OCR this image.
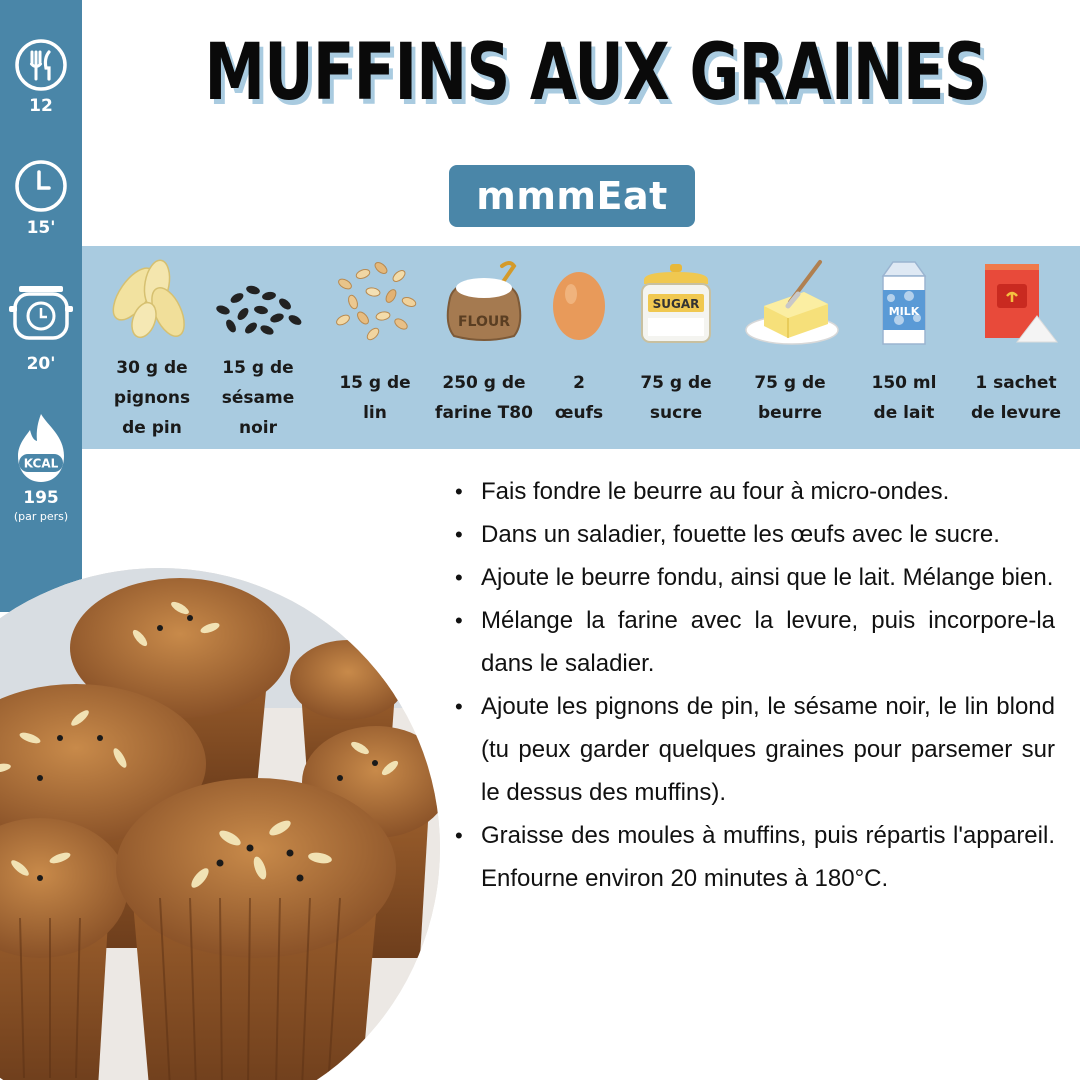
12
15'
20'
KCAL
195
(par pers)
MUFFINS AUX GRAINES
mmmEat
30 g de
pignons
de pin
15 g de
sésame
noir
15 g de
lin
FLOUR
250 g de
farine T80
2
œufs
SUGAR
75 g de
sucre
75 g de
beurre
MILK
150 ml
de lait
1 sachet
de levure
• Fais fondre le beurre au four à micro-ondes.
• Dans un saladier, fouette les œufs avec le sucre.
• Ajoute le beurre fondu, ainsi que le lait. Mélange bien.
• Mélange la farine avec la levure, puis incorpore-la dans le saladier.
• Ajoute les pignons de pin, le sésame noir, le lin blond (tu peux garder quelques graines pour parsemer sur le dessus des muffins).
• Graisse des moules à muffins, puis répartis l'appareil. Enfourne environ 20 minutes à 180°C.
